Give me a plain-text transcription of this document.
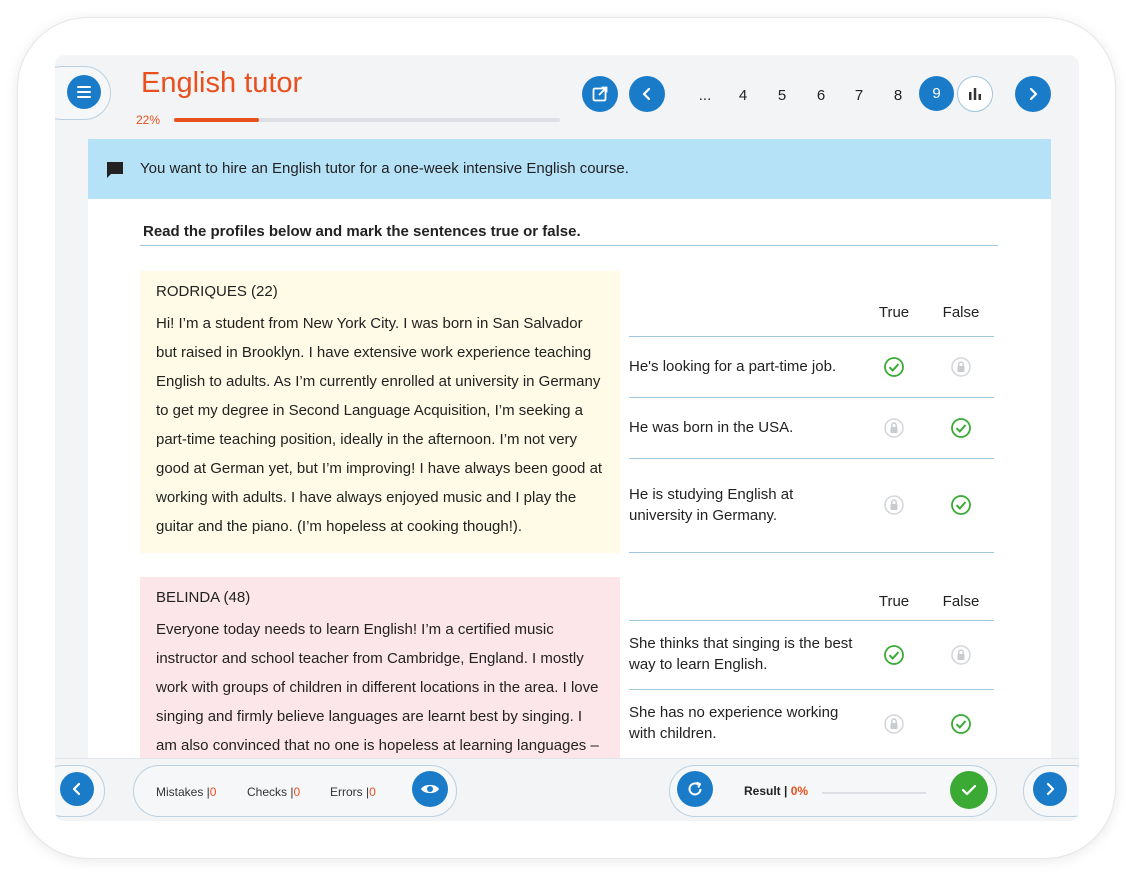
English tutor
22%
...	4	5	6	7	8	9
You want to hire an English tutor for a one-week intensive English course.
Read the profiles below and mark the sentences true or false.
RODRIQUES (22)
Hi! I’m a student from New York City. I was born in San Salvador but raised in Brooklyn. I have extensive work experience teaching English to adults. As I’m currently enrolled at university in Germany to get my degree in Second Language Acquisition, I’m seeking a part-time teaching position, ideally in the afternoon. I’m not very good at German yet, but I’m improving! I have always been good at working with adults. I have always enjoyed music and I play the guitar and the piano. (I’m hopeless at cooking though!).
True	False
He's looking for a part-time job.
He was born in the USA.
He is studying English at university in Germany.
BELINDA (48)
Everyone today needs to learn English! I’m a certified music instructor and school teacher from Cambridge, England. I mostly work with groups of children in different locations in the area. I love singing and firmly believe languages are learnt best by singing. I am also convinced that no one is hopeless at learning languages –
True	False
She thinks that singing is the best way to learn English.
She has no experience working with children.
Mistakes |0	Checks |0 Errors |0	Result | 0%
